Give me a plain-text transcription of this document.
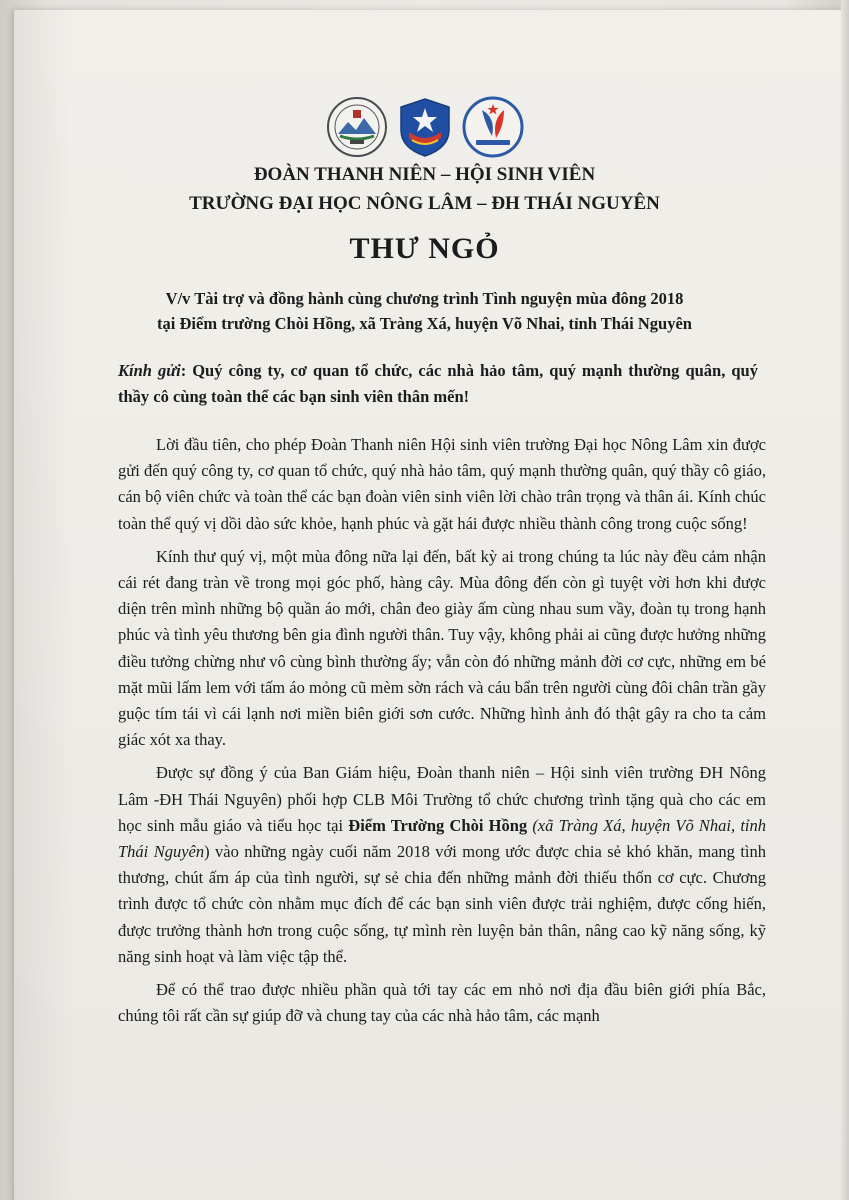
ĐOÀN THANH NIÊN – HỘI SINH VIÊN
TRƯỜNG ĐẠI HỌC NÔNG LÂM – ĐH THÁI NGUYÊN
THƯ NGỎ
V/v Tài trợ và đồng hành cùng chương trình Tình nguyện mùa đông 2018
tại Điểm trường Chòi Hồng, xã Tràng Xá, huyện Võ Nhai, tỉnh Thái Nguyên
Kính gửi: Quý công ty, cơ quan tổ chức, các nhà hảo tâm, quý mạnh thường quân, quý thầy cô cùng toàn thể các bạn sinh viên thân mến!

Lời đầu tiên, cho phép Đoàn Thanh niên Hội sinh viên trường Đại học Nông Lâm xin được gửi đến quý công ty, cơ quan tổ chức, quý nhà hảo tâm, quý mạnh thường quân, quý thầy cô giáo, cán bộ viên chức và toàn thể các bạn đoàn viên sinh viên lời chào trân trọng và thân ái. Kính chúc toàn thể quý vị dồi dào sức khỏe, hạnh phúc và gặt hái được nhiều thành công trong cuộc sống!

Kính thư quý vị, một mùa đông nữa lại đến, bất kỳ ai trong chúng ta lúc này đều cảm nhận cái rét đang tràn về trong mọi góc phố, hàng cây. Mùa đông đến còn gì tuyệt vời hơn khi được diện trên mình những bộ quần áo mới, chân đeo giày ấm cùng nhau sum vầy, đoàn tụ trong hạnh phúc và tình yêu thương bên gia đình người thân. Tuy vậy, không phải ai cũng được hưởng những điều tưởng chừng như vô cùng bình thường ấy; vẫn còn đó những mảnh đời cơ cực, những em bé mặt mũi lấm lem với tấm áo mỏng cũ mèm sờn rách và cáu bẩn trên người cùng đôi chân trần gầy guộc tím tái vì cái lạnh nơi miền biên giới sơn cước. Những hình ảnh đó thật gây ra cho ta cảm giác xót xa thay.

Được sự đồng ý của Ban Giám hiệu, Đoàn thanh niên – Hội sinh viên trường ĐH Nông Lâm -ĐH Thái Nguyên) phối hợp CLB Môi Trường tổ chức chương trình tặng quà cho các em học sinh mẫu giáo và tiểu học tại Điểm Trường Chòi Hồng (xã Tràng Xá, huyện Võ Nhai, tỉnh Thái Nguyên) vào những ngày cuối năm 2018 với mong ước được chia sẻ khó khăn, mang tình thương, chút ấm áp của tình người, sự sẻ chia đến những mảnh đời thiếu thốn cơ cực. Chương trình được tổ chức còn nhằm mục đích để các bạn sinh viên được trải nghiệm, được cống hiến, được trưởng thành hơn trong cuộc sống, tự mình rèn luyện bản thân, nâng cao kỹ năng sống, kỹ năng sinh hoạt và làm việc tập thể.

Để có thể trao được nhiều phần quà tới tay các em nhỏ nơi địa đầu biên giới phía Bắc, chúng tôi rất cần sự giúp đỡ và chung tay của các nhà hảo tâm, các mạnh
